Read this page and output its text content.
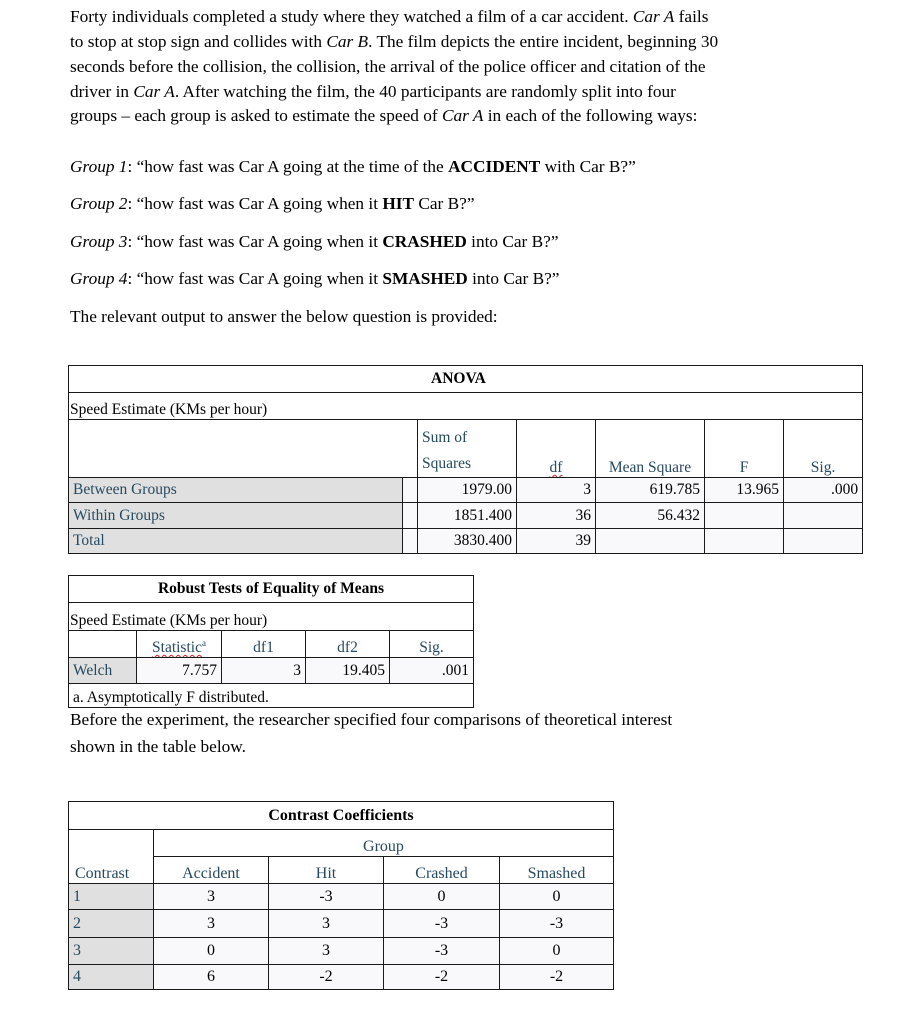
Forty individuals completed a study where they watched a film of a car accident. Car A fails
to stop at stop sign and collides with Car B. The film depicts the entire incident, beginning 30
seconds before the collision, the collision, the arrival of the police officer and citation of the
driver in Car A. After watching the film, the 40 participants are randomly split into four
groups – each group is asked to estimate the speed of Car A in each of the following ways:
Group 1: “how fast was Car A going at the time of the ACCIDENT with Car B?”
Group 2: “how fast was Car A going when it HIT Car B?”
Group 3: “how fast was Car A going when it CRASHED into Car B?”
Group 4: “how fast was Car A going when it SMASHED into Car B?”
The relevant output to answer the below question is provided:
ANOVA						
Speed Estimate (KMs per hour)						

		Sum of Squares	df	Mean Square	F	Sig.
Between Groups		1979.00	3	619.785	13.965	.000
Within Groups		1851.400	36	56.432		
Total		3830.400	39			
Robust Tests of Equality of Means				
Speed Estimate (KMs per hour)				
	Statistic$^a$	df1	df2	Sig.
Welch	7.757	3	19.405	.001
a. Asymptotically F distributed.				
Before the experiment, the researcher specified four comparisons of theoretical interest
shown in the table below.
Contrast Coefficients				
Contrast	Group			
	Accident	Hit	Crashed	Smashed
1	3	-3	0	0
2	3	3	-3	-3
3	0	3	-3	0
4	6	-2	-2	-2
